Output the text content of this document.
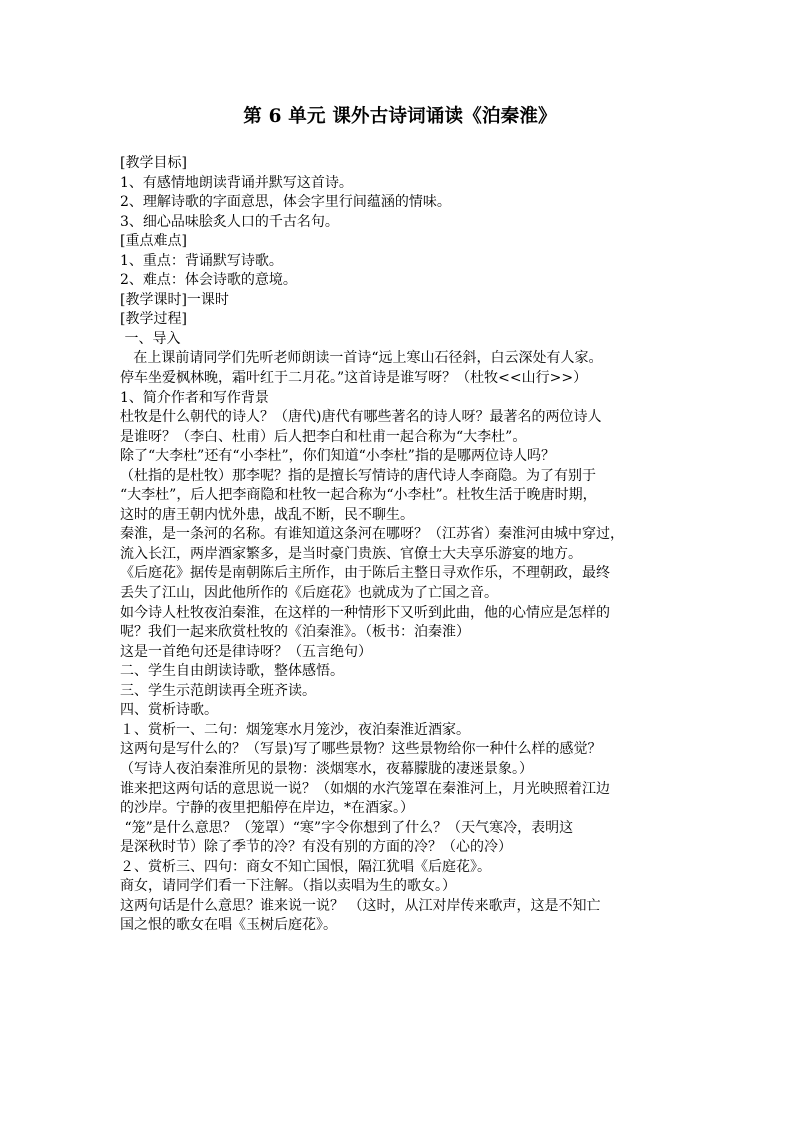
第 6 单元 课外古诗词诵读《泊秦淮》

[教学目标]

1、有感情地朗读背诵并默写这首诗。

2、理解诗歌的字面意思，体会字里行间蕴涵的情味。

3、细心品味脍炙人口的千古名句。

[重点难点]

1、重点：背诵默写诗歌。

2、难点：体会诗歌的意境。

[教学课时]一课时

[教学过程]

一、导入

在上课前请同学们先听老师朗读一首诗“远上寒山石径斜，白云深处有人家。

停车坐爱枫林晚，霜叶红于二月花。”这首诗是谁写呀？（杜牧<<山行>>）

1、简介作者和写作背景

杜牧是什么朝代的诗人？（唐代)唐代有哪些著名的诗人呀？最著名的两位诗人

是谁呀？（李白、杜甫）后人把李白和杜甫一起合称为“大李杜”。

除了“大李杜”还有“小李杜”，你们知道“小李杜”指的是哪两位诗人吗？

（杜指的是杜牧）那李呢？指的是擅长写情诗的唐代诗人李商隐。为了有别于

“大李杜”，后人把李商隐和杜牧一起合称为“小李杜”。杜牧生活于晚唐时期，

这时的唐王朝内忧外患，战乱不断，民不聊生。

秦淮，是一条河的名称。有谁知道这条河在哪呀？（江苏省）秦淮河由城中穿过，

流入长江，两岸酒家繁多，是当时豪门贵族、官僚士大夫享乐游宴的地方。

《后庭花》据传是南朝陈后主所作，由于陈后主整日寻欢作乐，不理朝政，最终

丢失了江山，因此他所作的《后庭花》也就成为了亡国之音。

如今诗人杜牧夜泊秦淮，在这样的一种情形下又听到此曲，他的心情应是怎样的

呢？我们一起来欣赏杜牧的《泊秦淮》。（板书：泊秦淮）

这是一首绝句还是律诗呀？（五言绝句）

二、学生自由朗读诗歌，整体感悟。

三、学生示范朗读再全班齐读。

四、赏析诗歌。

１、赏析一、二句：烟笼寒水月笼沙，夜泊秦淮近酒家。

这两句是写什么的？（写景)写了哪些景物？这些景物给你一种什么样的感觉？

（写诗人夜泊秦淮所见的景物：淡烟寒水，夜幕朦胧的凄迷景象。）

谁来把这两句话的意思说一说？（如烟的水汽笼罩在秦淮河上，月光映照着江边

的沙岸。宁静的夜里把船停在岸边，*在酒家。）

“笼”是什么意思？（笼罩）“寒”字令你想到了什么？（天气寒冷，表明这

是深秋时节）除了季节的冷？有没有别的方面的冷？（心的冷）

２、赏析三、四句：商女不知亡国恨，隔江犹唱《后庭花》。

商女，请同学们看一下注解。（指以卖唱为生的歌女。）

这两句话是什么意思？谁来说一说？ （这时，从江对岸传来歌声，这是不知亡

国之恨的歌女在唱《玉树后庭花》。
